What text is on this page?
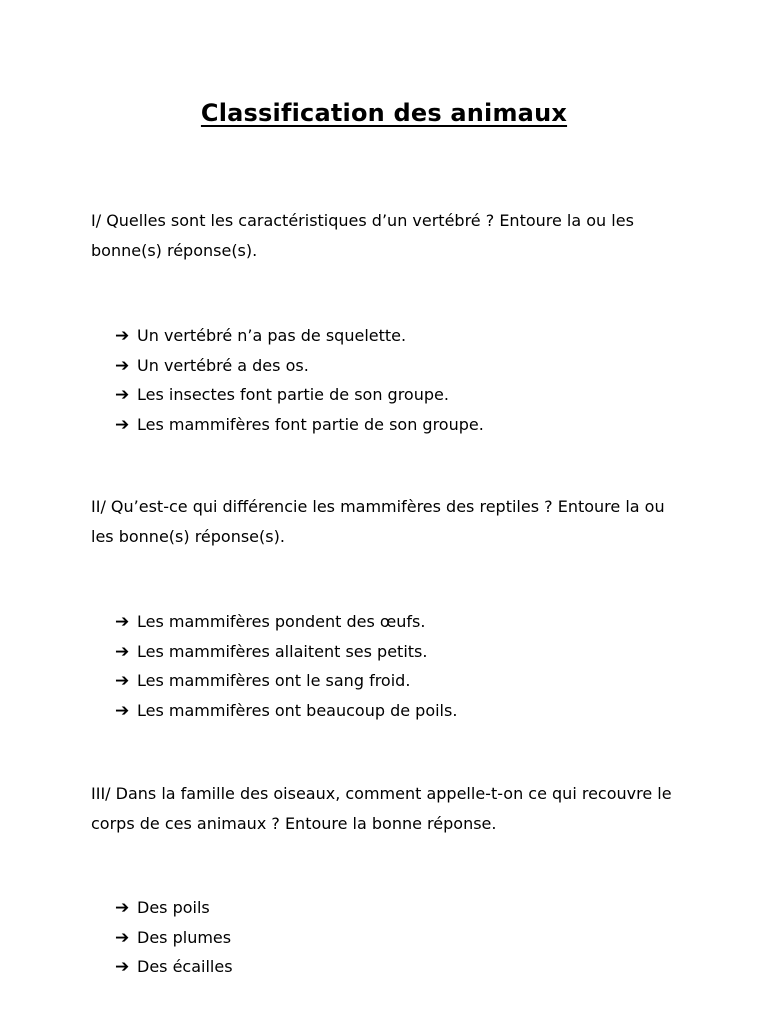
Classification des animaux
I/ Quelles sont les caractéristiques d’un vertébré ? Entoure la ou les bonne(s) réponse(s).
➔ Un vertébré n’a pas de squelette.
➔ Un vertébré a des os.
➔ Les insectes font partie de son groupe.
➔ Les mammifères font partie de son groupe.
II/ Qu’est-ce qui différencie les mammifères des reptiles ? Entoure la ou les bonne(s) réponse(s).
➔ Les mammifères pondent des œufs.
➔ Les mammifères allaitent ses petits.
➔ Les mammifères ont le sang froid.
➔ Les mammifères ont beaucoup de poils.
III/ Dans la famille des oiseaux, comment appelle-t-on ce qui recouvre le corps de ces animaux ? Entoure la bonne réponse.
➔ Des poils
➔ Des plumes
➔ Des écailles
